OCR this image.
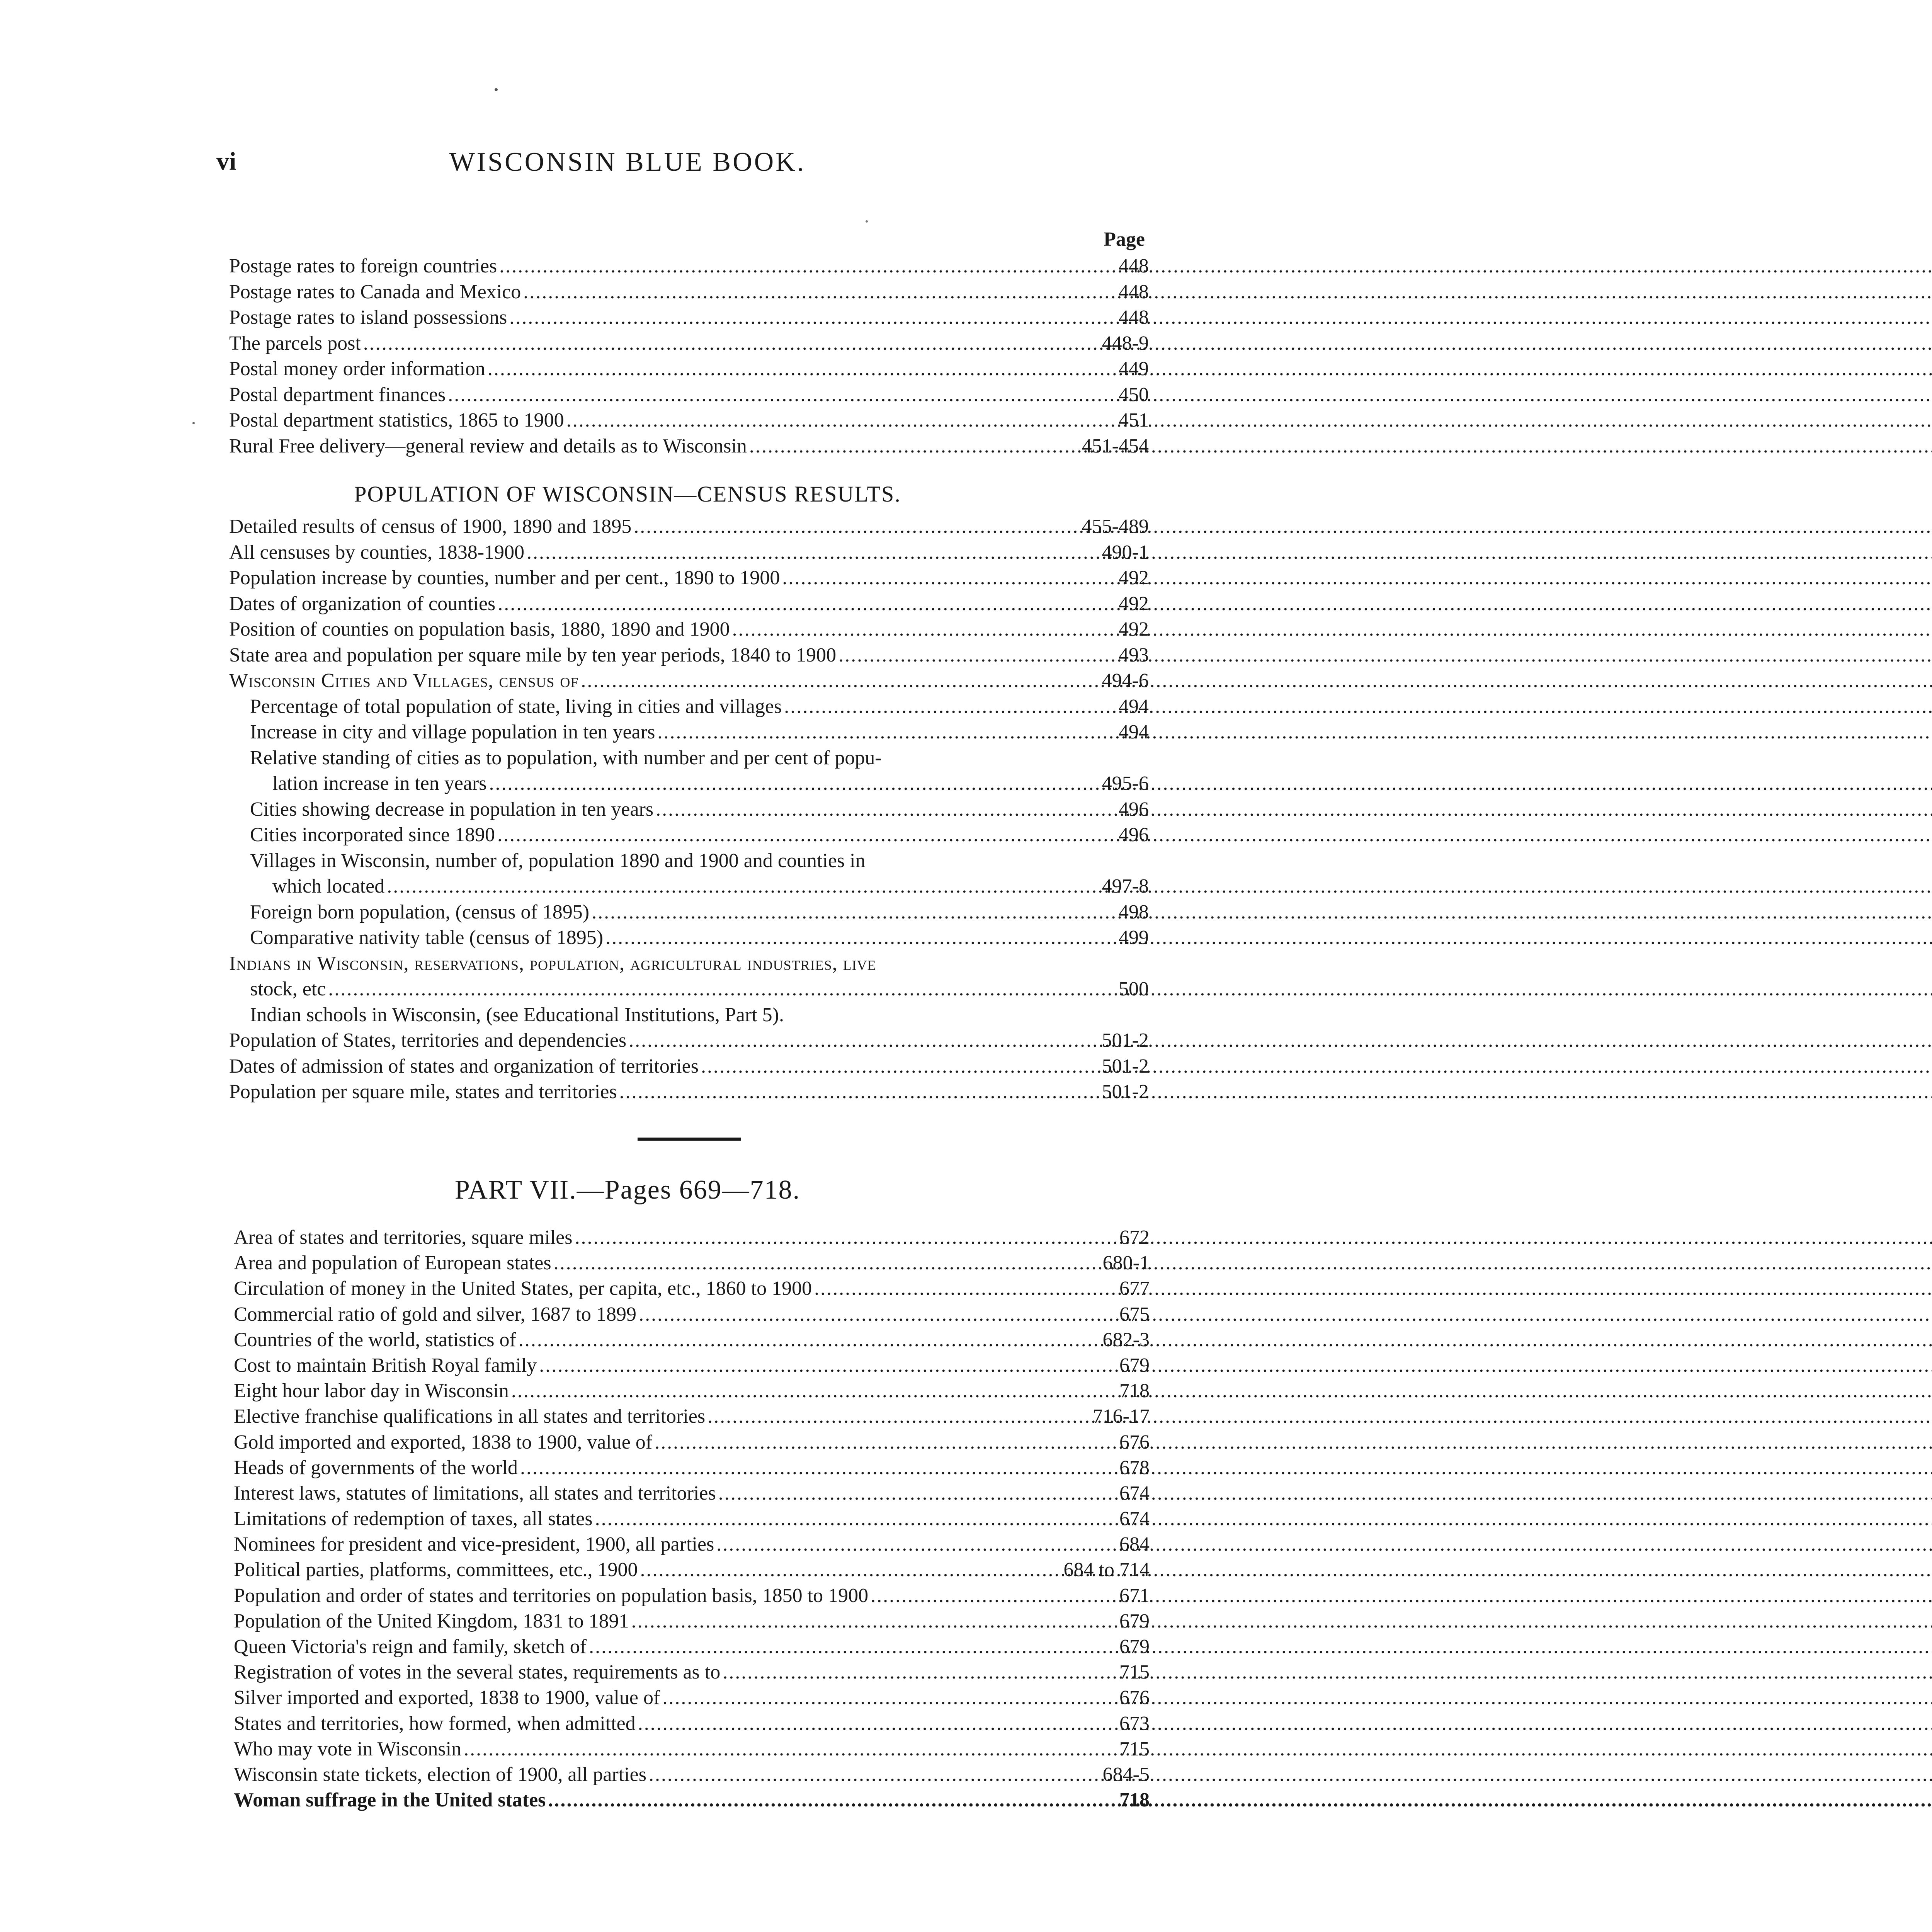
WISCONSIN BLUE BOOK.
vi
Page
Postage rates to foreign countries .....	448
Postage rates to Canada and Mexico .....	448
Postage rates to island possessions .....	448
The parcels post .....	448-9
Postal money order information .....	449
Postal department finances .....	450
Postal department statistics, 1865 to 1900 .....	451
Rural Free delivery—general review and details as to Wisconsin .....	451-454
POPULATION OF WISCONSIN—CENSUS RESULTS.
Detailed results of census of 1900, 1890 and 1895 .....	455-489
All censuses by counties, 1838-1900 .....	490-1
Population increase by counties, number and per cent., 1890 to 1900 .....	492
Dates of organization of counties .....	492
Position of counties on population basis, 1880, 1890 and 1900 .....	492
State area and population per square mile by ten year periods, 1840 to 1900 .....	493
Wisconsin Cities and Villages, census of .....	494-6
Percentage of total population of state, living in cities and villages .....	494
Increase in city and village population in ten years .....	494
Relative standing of cities as to population, with number and per cent of popu-
lation increase in ten years .....	495-6
Cities showing decrease in population in ten years .....	496
Cities incorporated since 1890 .....	496
Villages in Wisconsin, number of, population 1890 and 1900 and counties in
which located .....	497-8
Foreign born population, (census of 1895) .....	498
Comparative nativity table (census of 1895) .....	499
Indians in Wisconsin, reservations, population, agricultural industries, live
stock, etc .....	500
Indian schools in Wisconsin, (see Educational Institutions, Part 5).
Population of States, territories and dependencies .....	501-2
Dates of admission of states and organization of territories .....	501-2
Population per square mile, states and territories .....	501-2
PART VII.—Pages 669—718.
Area of states and territories, square miles .....	672
Area and population of European states .....	680-1
Circulation of money in the United States, per capita, etc., 1860 to 1900 .....	677
Commercial ratio of gold and silver, 1687 to 1899 .....	675
Countries of the world, statistics of .....	682-3
Cost to maintain British Royal family .....	679
Eight hour labor day in Wisconsin .....	718
Elective franchise qualifications in all states and territories .....	716-17
Gold imported and exported, 1838 to 1900, value of .....	676
Heads of governments of the world .....	678
Interest laws, statutes of limitations, all states and territories .....	674
Limitations of redemption of taxes, all states .....	674
Nominees for president and vice-president, 1900, all parties .....	684
Political parties, platforms, committees, etc., 1900 .....	684 to 714
Population and order of states and territories on population basis, 1850 to 1900 .....	671
Population of the United Kingdom, 1831 to 1891 .....	679
Queen Victoria's reign and family, sketch of .....	679
Registration of votes in the several states, requirements as to .....	715
Silver imported and exported, 1838 to 1900, value of .....	676
States and territories, how formed, when admitted .....	673
Who may vote in Wisconsin .....	715
Wisconsin state tickets, election of 1900, all parties .....	684-5
Woman suffrage in the United states .....	718
